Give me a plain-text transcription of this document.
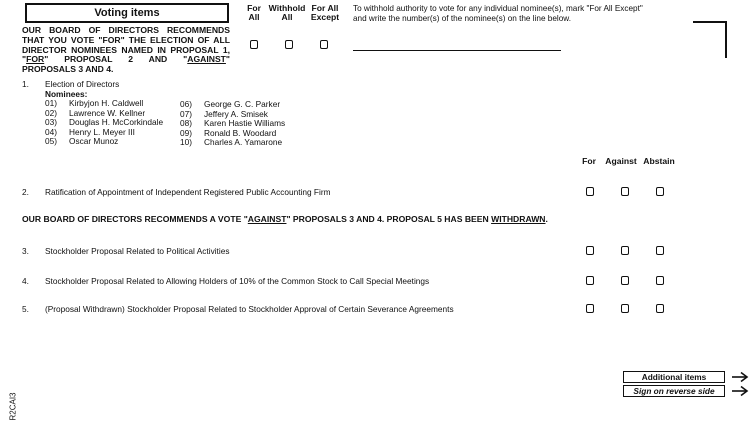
Voting items
OUR BOARD OF DIRECTORS RECOMMENDS THAT YOU VOTE "FOR" THE ELECTION OF ALL DIRECTOR NOMINEES NAMED IN PROPOSAL 1, "FOR" PROPOSAL 2 AND "AGAINST" PROPOSALS 3 AND 4.
For All
Withhold All
For All Except
To withhold authority to vote for any individual nominee(s), mark "For All Except" and write the number(s) of the nominee(s) on the line below.
1. Election of Directors
Nominees:
01) Kirbyjon H. Caldwell
02) Lawrence W. Kellner
03) Douglas H. McCorkindale
04) Henry L. Meyer III
05) Oscar Munoz
06) George G. C. Parker
07) Jeffery A. Smisek
08) Karen Hastie Williams
09) Ronald B. Woodard
10) Charles A. Yamarone
For	Against Abstain
2. Ratification of Appointment of Independent Registered Public Accounting Firm
OUR BOARD OF DIRECTORS RECOMMENDS A VOTE "AGAINST" PROPOSALS 3 AND 4. PROPOSAL 5 HAS BEEN WITHDRAWN.
3. Stockholder Proposal Related to Political Activities
4. Stockholder Proposal Related to Allowing Holders of 10% of the Common Stock to Call Special Meetings
5. (Proposal Withdrawn) Stockholder Proposal Related to Stockholder Approval of Certain Severance Agreements
Additional items
Sign on reverse side
R2CAI3
